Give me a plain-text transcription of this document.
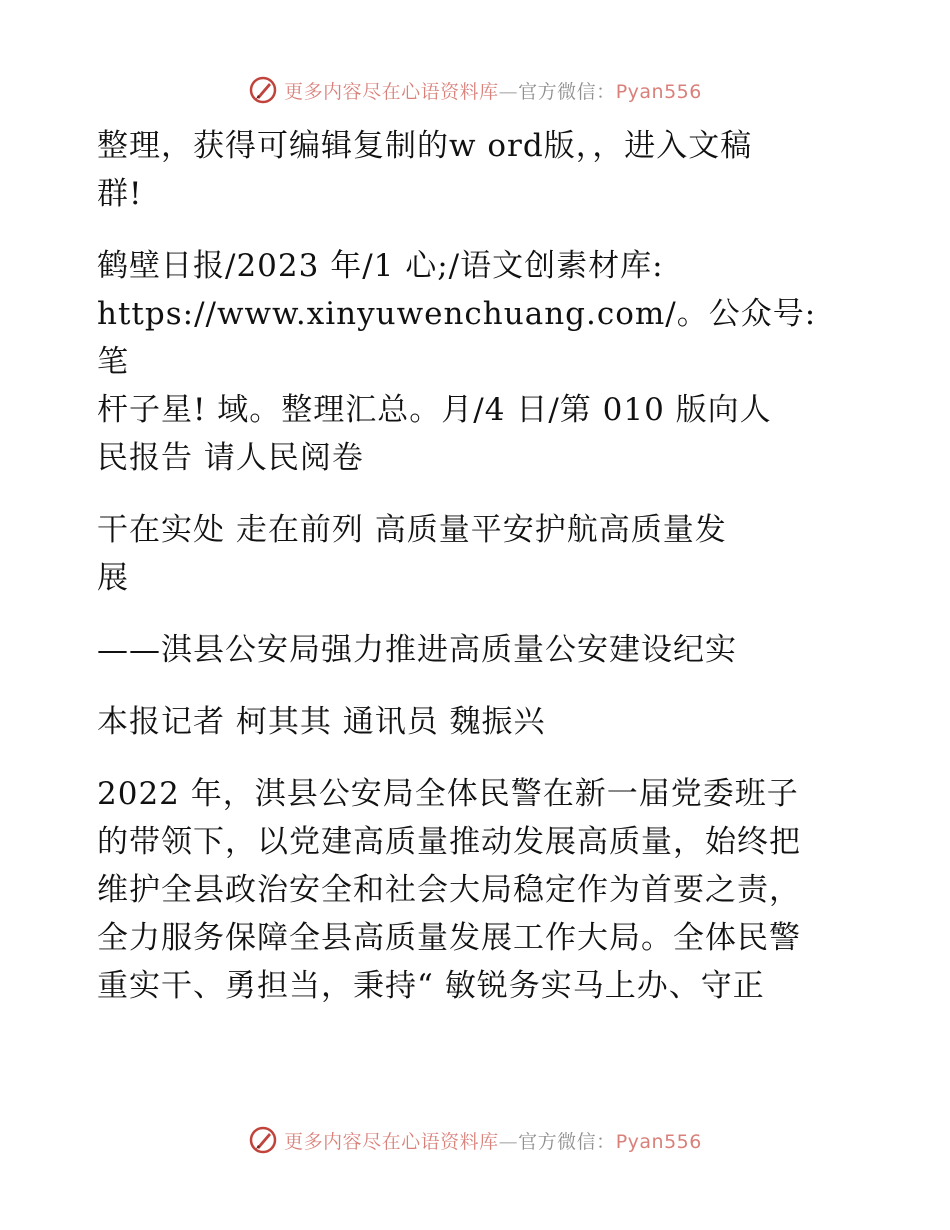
更多内容尽在心语资料库—官方微信：Pyan556

整理，获得可编辑复制的w ord版，，进入文稿
群!

鹤壁日报/2023 年/1 心;/语文创素材库:
https://www.xinyuwenchuang.com/。公众号: 笔
杆子星! 域。整理汇总。月/4 日/第 010 版向人
民报告 请人民阅卷

干在实处 走在前列 高质量平安护航高质量发
展

——淇县公安局强力推进高质量公安建设纪实

本报记者 柯其其 通讯员 魏振兴

2022 年，淇县公安局全体民警在新一届党委班子
的带领下，以党建高质量推动发展高质量，始终把
维护全县政治安全和社会大局稳定作为首要之责，
全力服务保障全县高质量发展工作大局。全体民警
重实干、勇担当，秉持“ 敏锐务实马上办、守正

更多内容尽在心语资料库—官方微信：Pyan556
